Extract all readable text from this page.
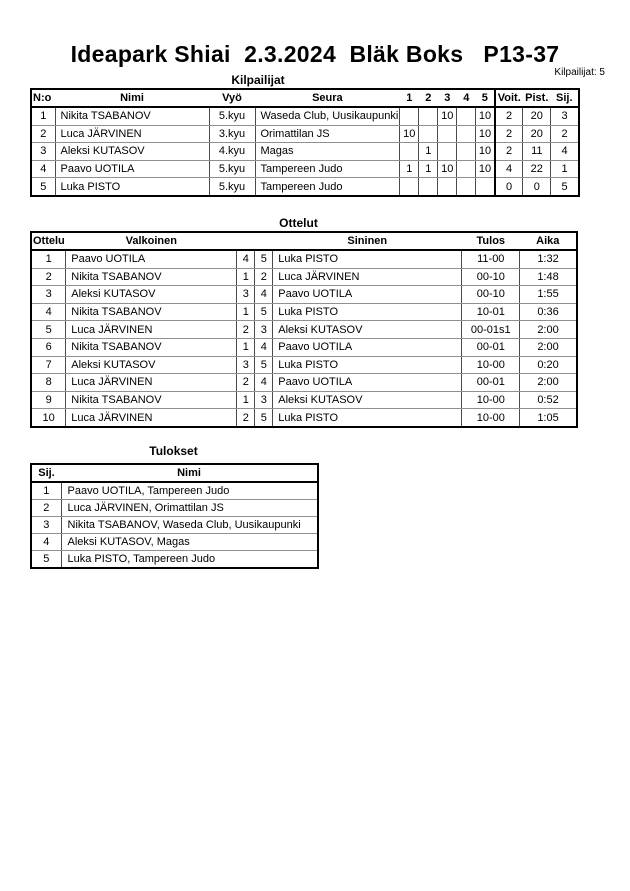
Ideapark Shiai  2.3.2024  Bläk Boks   P13-37
Kilpailijat: 5
Kilpailijat
N:o	Nimi	Vyö	Seura	1	2	3	4	5	Voit.	Pist.	Sij.
1	Nikita TSABANOV	5.kyu	Waseda Club, Uusikaupunki			10		10	2	20	3
2	Luca JÄRVINEN	3.kyu	Orimattilan JS	10				10	2	20	2
3	Aleksi KUTASOV	4.kyu	Magas		1			10	2	11	4
4	Paavo UOTILA	5.kyu	Tampereen Judo	1	1	10		10	4	22	1
5	Luka PISTO	5.kyu	Tampereen Judo						0	0	5
Ottelut
Ottelu	Valkoinen			Sininen	Tulos	Aika
1	Paavo UOTILA	4	5	Luka PISTO	11-00	1:32
2	Nikita TSABANOV	1	2	Luca JÄRVINEN	00-10	1:48
3	Aleksi KUTASOV	3	4	Paavo UOTILA	00-10	1:55
4	Nikita TSABANOV	1	5	Luka PISTO	10-01	0:36
5	Luca JÄRVINEN	2	3	Aleksi KUTASOV	00-01s1	2:00
6	Nikita TSABANOV	1	4	Paavo UOTILA	00-01	2:00
7	Aleksi KUTASOV	3	5	Luka PISTO	10-00	0:20
8	Luca JÄRVINEN	2	4	Paavo UOTILA	00-01	2:00
9	Nikita TSABANOV	1	3	Aleksi KUTASOV	10-00	0:52
10	Luca JÄRVINEN	2	5	Luka PISTO	10-00	1:05
Tulokset
Sij.	Nimi
1	Paavo UOTILA, Tampereen Judo
2	Luca JÄRVINEN, Orimattilan JS
3	Nikita TSABANOV, Waseda Club, Uusikaupunki
4	Aleksi KUTASOV, Magas
5	Luka PISTO, Tampereen Judo
